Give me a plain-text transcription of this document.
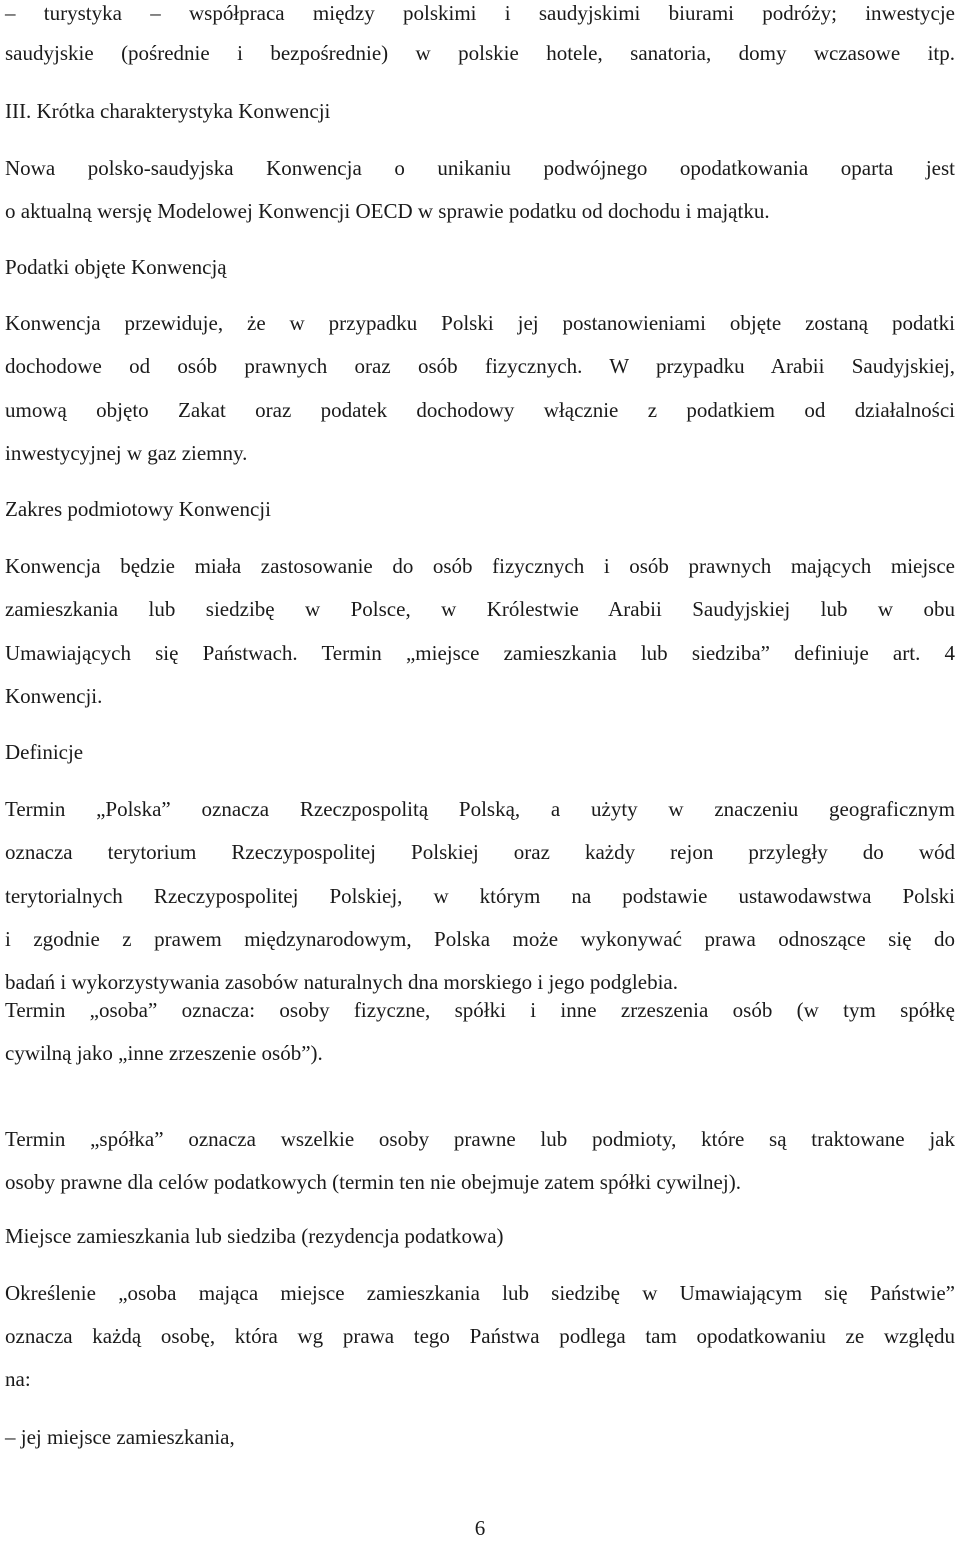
– turystyka – współpraca między polskimi i saudyjskimi biurami podróży; inwestycje
saudyjskie (pośrednie i bezpośrednie) w polskie hotele, sanatoria, domy wczasowe itp.
III. Krótka charakterystyka Konwencji
Nowa polsko-saudyjska Konwencja o unikaniu podwójnego opodatkowania oparta jest
o aktualną wersję Modelowej Konwencji OECD w sprawie podatku od dochodu i majątku.
Podatki objęte Konwencją
Konwencja przewiduje, że w przypadku Polski jej postanowieniami objęte zostaną podatki
dochodowe od osób prawnych oraz osób fizycznych. W przypadku Arabii Saudyjskiej,
umową objęto Zakat oraz podatek dochodowy włącznie z podatkiem od działalności
inwestycyjnej w gaz ziemny.
Zakres podmiotowy Konwencji
Konwencja będzie miała zastosowanie do osób fizycznych i osób prawnych mających miejsce
zamieszkania lub siedzibę w Polsce, w Królestwie Arabii Saudyjskiej lub w obu
Umawiających się Państwach. Termin „miejsce zamieszkania lub siedziba” definiuje art. 4
Konwencji.
Definicje
Termin „Polska” oznacza Rzeczpospolitą Polską, a użyty w znaczeniu geograficznym
oznacza terytorium Rzeczypospolitej Polskiej oraz każdy rejon przyległy do wód
terytorialnych Rzeczypospolitej Polskiej, w którym na podstawie ustawodawstwa Polski
i zgodnie z prawem międzynarodowym, Polska może wykonywać prawa odnoszące się do
badań i wykorzystywania zasobów naturalnych dna morskiego i jego podglebia.
Termin „osoba” oznacza: osoby fizyczne, spółki i inne zrzeszenia osób (w tym spółkę
cywilną jako „inne zrzeszenie osób”).
Termin „spółka” oznacza wszelkie osoby prawne lub podmioty, które są traktowane jak
osoby prawne dla celów podatkowych (termin ten nie obejmuje zatem spółki cywilnej).
Miejsce zamieszkania lub siedziba (rezydencja podatkowa)
Określenie „osoba mająca miejsce zamieszkania lub siedzibę w Umawiającym się Państwie”
oznacza każdą osobę, która wg prawa tego Państwa podlega tam opodatkowaniu ze względu
na:
– jej miejsce zamieszkania,
6
